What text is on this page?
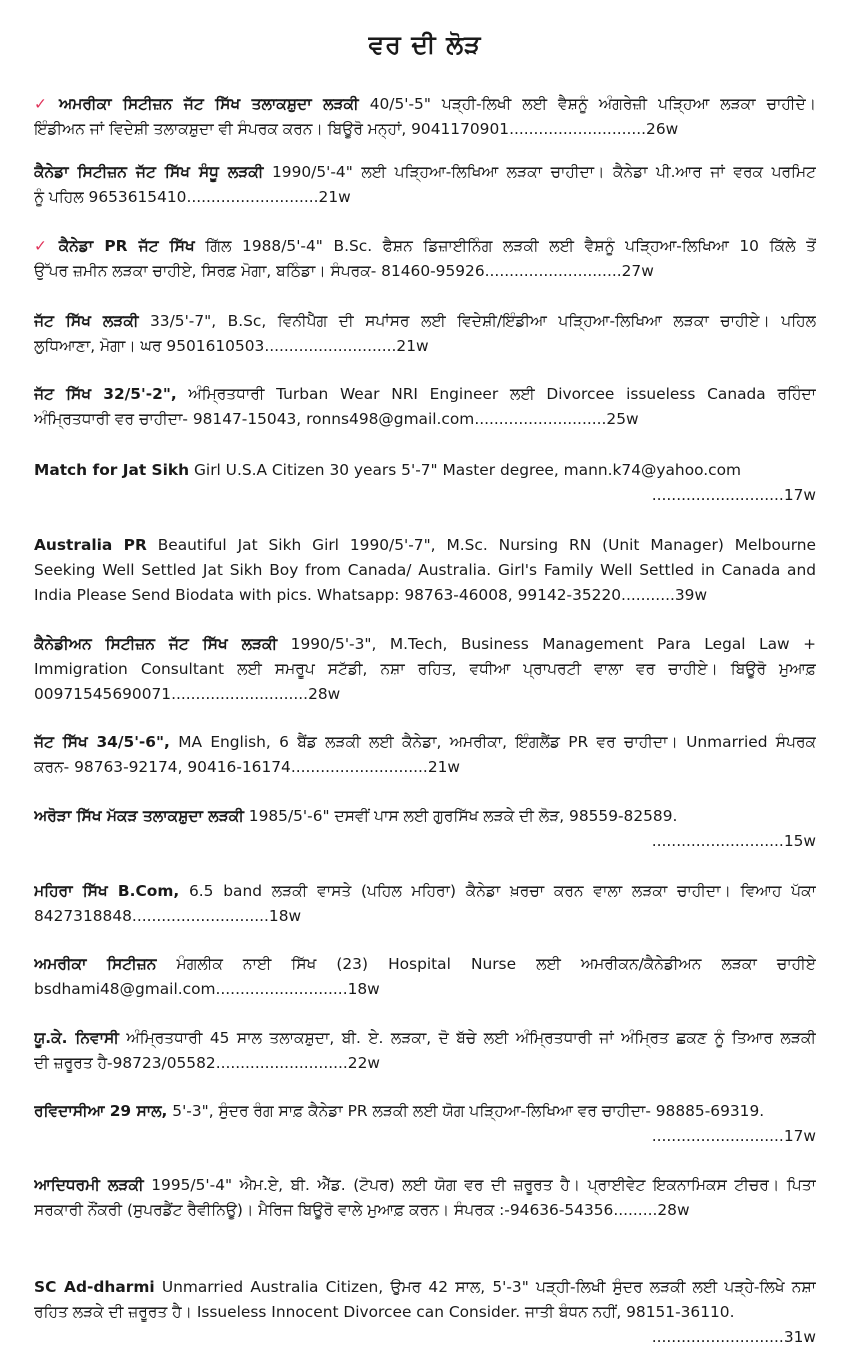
ਵਰ ਦੀ ਲੋੜ
✓ ਅਮਰੀਕਾ ਸਿਟੀਜ਼ਨ ਜੱਟ ਸਿੱਖ ਤਲਾਕਸ਼ੁਦਾ ਲੜਕੀ 40/5'-5" ਪੜ੍ਹੀ-ਲਿਖੀ ਲਈ ਵੈਸ਼ਨੂੰ ਅੰਗਰੇਜ਼ੀ ਪੜ੍ਹਿਆ ਲੜਕਾ ਚਾਹੀਦੇ।
ਇੰਡੀਅਨ ਜਾਂ ਵਿਦੇਸ਼ੀ ਤਲਾਕਸ਼ੁਦਾ ਵੀ ਸੰਪਰਕ ਕਰਨ। ਬਿਊਰੋ ਮਨ੍ਹਾਂ, 9041170901............................26w
ਕੈਨੇਡਾ ਸਿਟੀਜ਼ਨ ਜੱਟ ਸਿੱਖ ਸੰਧੂ ਲੜਕੀ 1990/5'-4" ਲਈ ਪੜ੍ਹਿਆ-ਲਿਖਿਆ ਲੜਕਾ ਚਾਹੀਦਾ। ਕੈਨੇਡਾ ਪੀ.ਆਰ ਜਾਂ ਵਰਕ ਪਰਮਿਟ
ਨੂੰ ਪਹਿਲ 9653615410...........................21w
✓ ਕੈਨੇਡਾ PR ਜੱਟ ਸਿੱਖ ਗਿੱਲ 1988/5'-4" B.Sc. ਫੈਸ਼ਨ ਡਿਜ਼ਾਈਨਿੰਗ ਲੜਕੀ ਲਈ ਵੈਸ਼ਨੂੰ ਪੜ੍ਹਿਆ-ਲਿਖਿਆ 10 ਕਿੱਲੇ ਤੋਂ
ਉੱਪਰ ਜ਼ਮੀਨ ਲੜਕਾ ਚਾਹੀਏ, ਸਿਰਫ਼ ਮੋਗਾ, ਬਠਿੰਡਾ। ਸੰਪਰਕ- 81460-95926............................27w
ਜੱਟ ਸਿੱਖ ਲੜਕੀ 33/5'-7", B.Sc, ਵਿਨੀਪੈੱਗ ਦੀ ਸਪਾਂਸਰ ਲਈ ਵਿਦੇਸ਼ੀ/ਇੰਡੀਆ ਪੜ੍ਹਿਆ-ਲਿਖਿਆ ਲੜਕਾ ਚਾਹੀਏ। ਪਹਿਲ
ਲੁਧਿਆਣਾ, ਮੋਗਾ। ਘਰ 9501610503...........................21w
ਜੱਟ ਸਿੱਖ 32/5'-2", ਅੰਮ੍ਰਿਤਧਾਰੀ Turban Wear NRI Engineer ਲਈ Divorcee issueless Canada ਰਹਿੰਦਾ
ਅੰਮ੍ਰਿਤਧਾਰੀ ਵਰ ਚਾਹੀਦਾ- 98147-15043, ronns498@gmail.com...........................25w
Match for Jat Sikh Girl U.S.A Citizen 30 years 5'-7" Master degree, mann.k74@yahoo.com
...........................17w
Australia PR Beautiful Jat Sikh Girl 1990/5'-7", M.Sc. Nursing RN (Unit Manager) Melbourne
Seeking Well Settled Jat Sikh Boy from Canada/ Australia. Girl's Family Well Settled in Canada and
India Please Send Biodata with pics. Whatsapp: 98763-46008, 99142-35220...........39w
ਕੈਨੇਡੀਅਨ ਸਿਟੀਜ਼ਨ ਜੱਟ ਸਿੱਖ ਲੜਕੀ 1990/5'-3", M.Tech, Business Management Para Legal Law +
Immigration Consultant ਲਈ ਸਮਰੂਪ ਸਟੱਡੀ, ਨਸ਼ਾ ਰਹਿਤ, ਵਧੀਆ ਪ੍ਰਾਪਰਟੀ ਵਾਲਾ ਵਰ ਚਾਹੀਏ। ਬਿਊਰੋ ਮੁਆਫ਼
00971545690071............................28w
ਜੱਟ ਸਿੱਖ 34/5'-6", MA English, 6 ਬੈਂਡ ਲੜਕੀ ਲਈ ਕੈਨੇਡਾ, ਅਮਰੀਕਾ, ਇੰਗਲੈਂਡ PR ਵਰ ਚਾਹੀਦਾ। Unmarried ਸੰਪਰਕ
ਕਰਨ- 98763-92174, 90416-16174............................21w
ਅਰੋੜਾ ਸਿੱਖ ਮੱਕੜ ਤਲਾਕਸ਼ੁਦਾ ਲੜਕੀ 1985/5'-6" ਦਸਵੀਂ ਪਾਸ ਲਈ ਗੁਰਸਿੱਖ ਲੜਕੇ ਦੀ ਲੋੜ, 98559-82589.
...........................15w
ਮਹਿਰਾ ਸਿੱਖ B.Com, 6.5 band ਲੜਕੀ ਵਾਸਤੇ (ਪਹਿਲ ਮਹਿਰਾ) ਕੈਨੇਡਾ ਖ਼ਰਚਾ ਕਰਨ ਵਾਲਾ ਲੜਕਾ ਚਾਹੀਦਾ। ਵਿਆਹ ਪੱਕਾ
8427318848............................18w
ਅਮਰੀਕਾ ਸਿਟੀਜ਼ਨ ਮੰਗਲੀਕ ਨਾਈ ਸਿੱਖ (23) Hospital Nurse ਲਈ ਅਮਰੀਕਨ/ਕੈਨੇਡੀਅਨ ਲੜਕਾ ਚਾਹੀਏ
bsdhami48@gmail.com...........................18w
ਯੂ.ਕੇ. ਨਿਵਾਸੀ ਅੰਮ੍ਰਿਤਧਾਰੀ 45 ਸਾਲ ਤਲਾਕਸ਼ੁਦਾ, ਬੀ. ਏ. ਲੜਕਾ, ਦੋ ਬੱਚੇ ਲਈ ਅੰਮ੍ਰਿਤਧਾਰੀ ਜਾਂ ਅੰਮ੍ਰਿਤ ਛਕਣ ਨੂੰ ਤਿਆਰ ਲੜਕੀ
ਦੀ ਜ਼ਰੂਰਤ ਹੈ-98723/05582...........................22w
ਰਵਿਦਾਸੀਆ 29 ਸਾਲ, 5'-3", ਸੁੰਦਰ ਰੰਗ ਸਾਫ਼ ਕੈਨੇਡਾ PR ਲੜਕੀ ਲਈ ਯੋਗ ਪੜ੍ਹਿਆ-ਲਿਖਿਆ ਵਰ ਚਾਹੀਦਾ- 98885-69319.
...........................17w
ਆਦਿਧਰਮੀ ਲੜਕੀ 1995/5'-4" ਐਮ.ਏ, ਬੀ. ਐੱਡ. (ਟੋਪਰ) ਲਈ ਯੋਗ ਵਰ ਦੀ ਜ਼ਰੂਰਤ ਹੈ। ਪ੍ਰਾਈਵੇਟ ਇਕਨਾਮਿਕਸ ਟੀਚਰ। ਪਿਤਾ
ਸਰਕਾਰੀ ਨੌਂਕਰੀ (ਸੁਪਰਡੈਂਟ ਰੈਵੀਨਿਊ)। ਮੈਰਿਜ ਬਿਊਰੋ ਵਾਲੇ ਮੁਆਫ਼ ਕਰਨ। ਸੰਪਰਕ :-94636-54356.........28w
SC Ad-dharmi Unmarried Australia Citizen, ਉਮਰ 42 ਸਾਲ, 5'-3" ਪੜ੍ਹੀ-ਲਿਖੀ ਸੁੰਦਰ ਲੜਕੀ ਲਈ ਪੜ੍ਹੇ-ਲਿਖੇ ਨਸ਼ਾ
ਰਹਿਤ ਲੜਕੇ ਦੀ ਜ਼ਰੂਰਤ ਹੈ। Issueless Innocent Divorcee can Consider. ਜਾਤੀ ਬੰਧਨ ਨਹੀਂ, 98151-36110.
...........................31w
